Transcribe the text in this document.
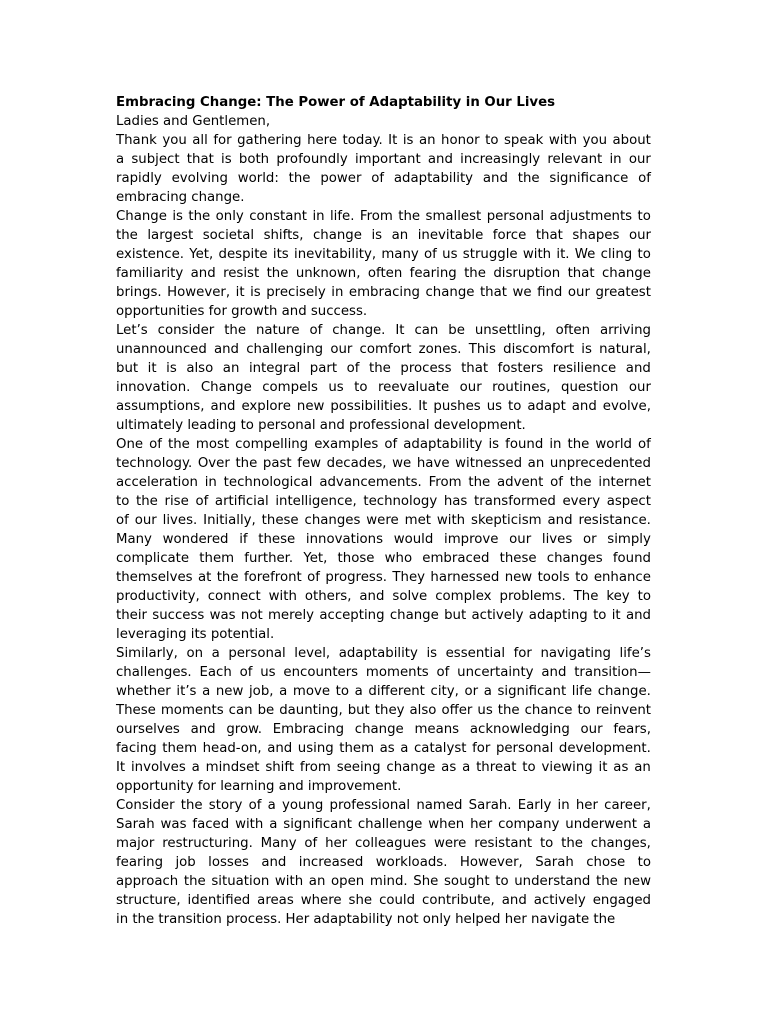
Embracing Change: The Power of Adaptability in Our Lives

Ladies and Gentlemen,

Thank you all for gathering here today. It is an honor to speak with you about
a subject that is both profoundly important and increasingly relevant in our
rapidly evolving world: the power of adaptability and the significance of
embracing change.
Change is the only constant in life. From the smallest personal adjustments to
the largest societal shifts, change is an inevitable force that shapes our
existence. Yet, despite its inevitability, many of us struggle with it. We cling to
familiarity and resist the unknown, often fearing the disruption that change
brings. However, it is precisely in embracing change that we find our greatest
opportunities for growth and success.
Let’s consider the nature of change. It can be unsettling, often arriving
unannounced and challenging our comfort zones. This discomfort is natural,
but it is also an integral part of the process that fosters resilience and
innovation. Change compels us to reevaluate our routines, question our
assumptions, and explore new possibilities. It pushes us to adapt and evolve,
ultimately leading to personal and professional development.
One of the most compelling examples of adaptability is found in the world of
technology. Over the past few decades, we have witnessed an unprecedented
acceleration in technological advancements. From the advent of the internet
to the rise of artificial intelligence, technology has transformed every aspect
of our lives. Initially, these changes were met with skepticism and resistance.
Many wondered if these innovations would improve our lives or simply
complicate them further. Yet, those who embraced these changes found
themselves at the forefront of progress. They harnessed new tools to enhance
productivity, connect with others, and solve complex problems. The key to
their success was not merely accepting change but actively adapting to it and
leveraging its potential.
Similarly, on a personal level, adaptability is essential for navigating life’s
challenges. Each of us encounters moments of uncertainty and transition—
whether it’s a new job, a move to a different city, or a significant life change.
These moments can be daunting, but they also offer us the chance to reinvent
ourselves and grow. Embracing change means acknowledging our fears,
facing them head-on, and using them as a catalyst for personal development.
It involves a mindset shift from seeing change as a threat to viewing it as an
opportunity for learning and improvement.
Consider the story of a young professional named Sarah. Early in her career,
Sarah was faced with a significant challenge when her company underwent a
major restructuring. Many of her colleagues were resistant to the changes,
fearing job losses and increased workloads. However, Sarah chose to
approach the situation with an open mind. She sought to understand the new
structure, identified areas where she could contribute, and actively engaged
in the transition process. Her adaptability not only helped her navigate the
